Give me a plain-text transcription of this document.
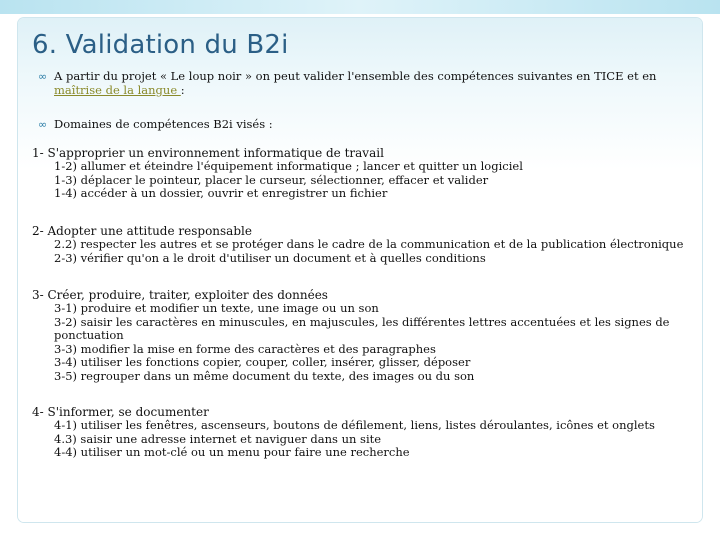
6. Validation du B2i
∞ A partir du projet « Le loup noir » on peut valider l'ensemble des compétences suivantes en TICE et en maîtrise de la langue :
∞ Domaines de compétences B2i visés :
1- S'approprier un environnement informatique de travail
1-2) allumer et éteindre l'équipement informatique ; lancer et quitter un logiciel
1-3) déplacer le pointeur, placer le curseur, sélectionner, effacer et valider
1-4) accéder à un dossier, ouvrir et enregistrer un fichier
2- Adopter une attitude responsable
2.2) respecter les autres et se protéger dans le cadre de la communication et de la publication électronique
2-3) vérifier qu'on a le droit d'utiliser un document et à quelles conditions
3- Créer, produire, traiter, exploiter des données
3-1) produire et modifier un texte, une image ou un son
3-2) saisir les caractères en minuscules, en majuscules, les différentes lettres accentuées et les signes de ponctuation
3-3) modifier la mise en forme des caractères et des paragraphes
3-4) utiliser les fonctions copier, couper, coller, insérer, glisser, déposer
3-5) regrouper dans un même document du texte, des images ou du son
4- S'informer, se documenter
4-1) utiliser les fenêtres, ascenseurs, boutons de défilement, liens, listes déroulantes, icônes et onglets
4.3) saisir une adresse internet et naviguer dans un site
4-4) utiliser un mot-clé ou un menu pour faire une recherche
